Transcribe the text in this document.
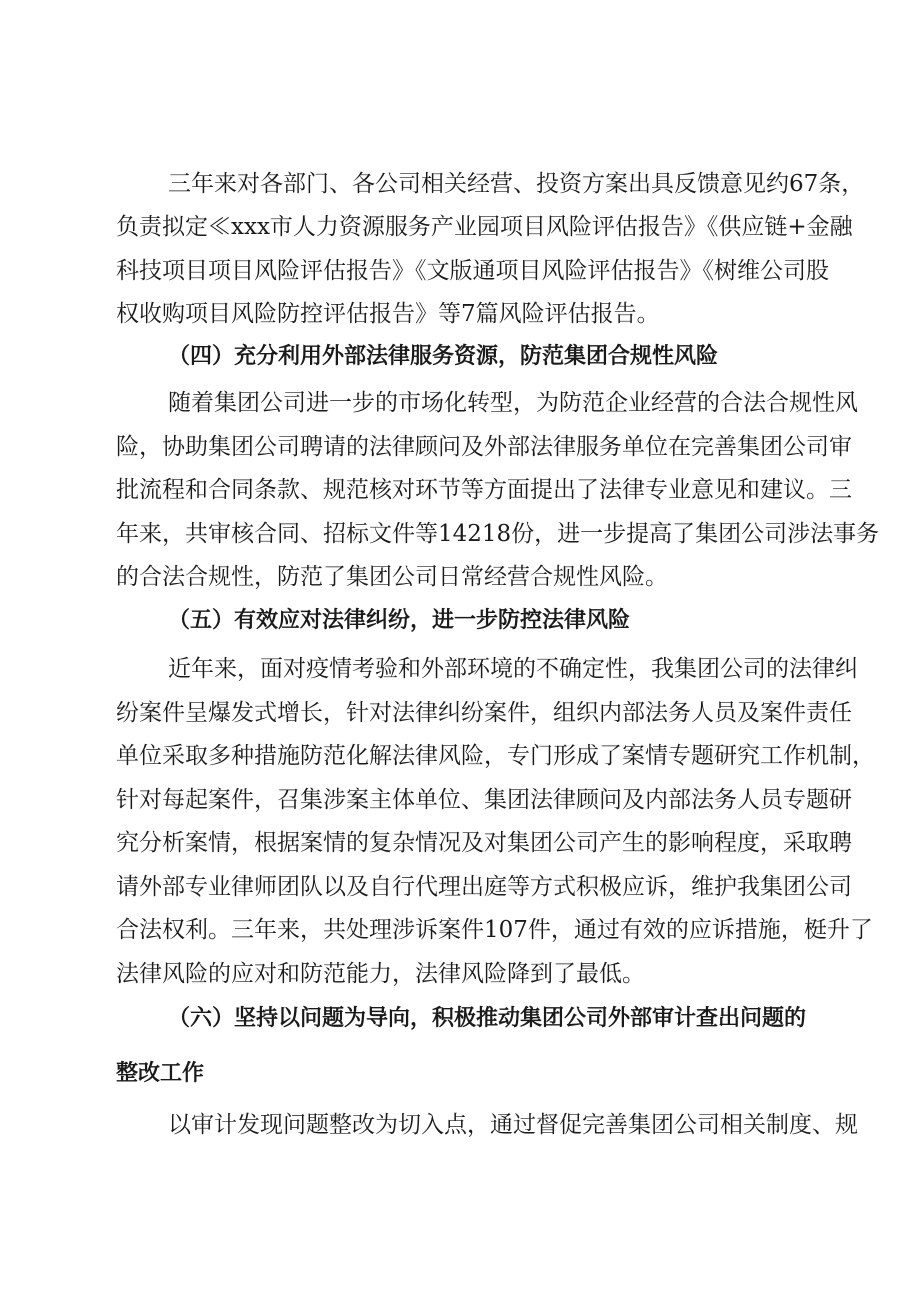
三年来对各部门、各公司相关经营、投资方案出具反馈意见约67条，

负责拟定≪xxx市人力资源服务产业园项目风险评估报告》《供应链+金融

科技项目项目风险评估报告》《文版通项目风险评估报告》《树维公司股

权收购项目风险防控评估报告》等7篇风险评估报告。

（四）充分利用外部法律服务资源，防范集团合规性风险

随着集团公司进一步的市场化转型，为防范企业经营的合法合规性风

险，协助集团公司聘请的法律顾问及外部法律服务单位在完善集团公司审

批流程和合同条款、规范核对环节等方面提出了法律专业意见和建议。三

年来，共审核合同、招标文件等14218份，进一步提高了集团公司涉法事务

的合法合规性，防范了集团公司日常经营合规性风险。

（五）有效应对法律纠纷，进一步防控法律风险

近年来，面对疫情考验和外部环境的不确定性，我集团公司的法律纠

纷案件呈爆发式增长，针对法律纠纷案件，组织内部法务人员及案件责任

单位采取多种措施防范化解法律风险，专门形成了案情专题研究工作机制，

针对每起案件，召集涉案主体单位、集团法律顾问及内部法务人员专题研

究分析案情，根据案情的复杂情况及对集团公司产生的影响程度，采取聘

请外部专业律师团队以及自行代理出庭等方式积极应诉，维护我集团公司

合法权利。三年来，共处理涉诉案件107件，通过有效的应诉措施，梃升了

法律风险的应对和防范能力，法律风险降到了最低。

（六）坚持以问题为导向，积极推动集团公司外部审计查出问题的

整改工作

以审计发现问题整改为切入点，通过督促完善集团公司相关制度、规
